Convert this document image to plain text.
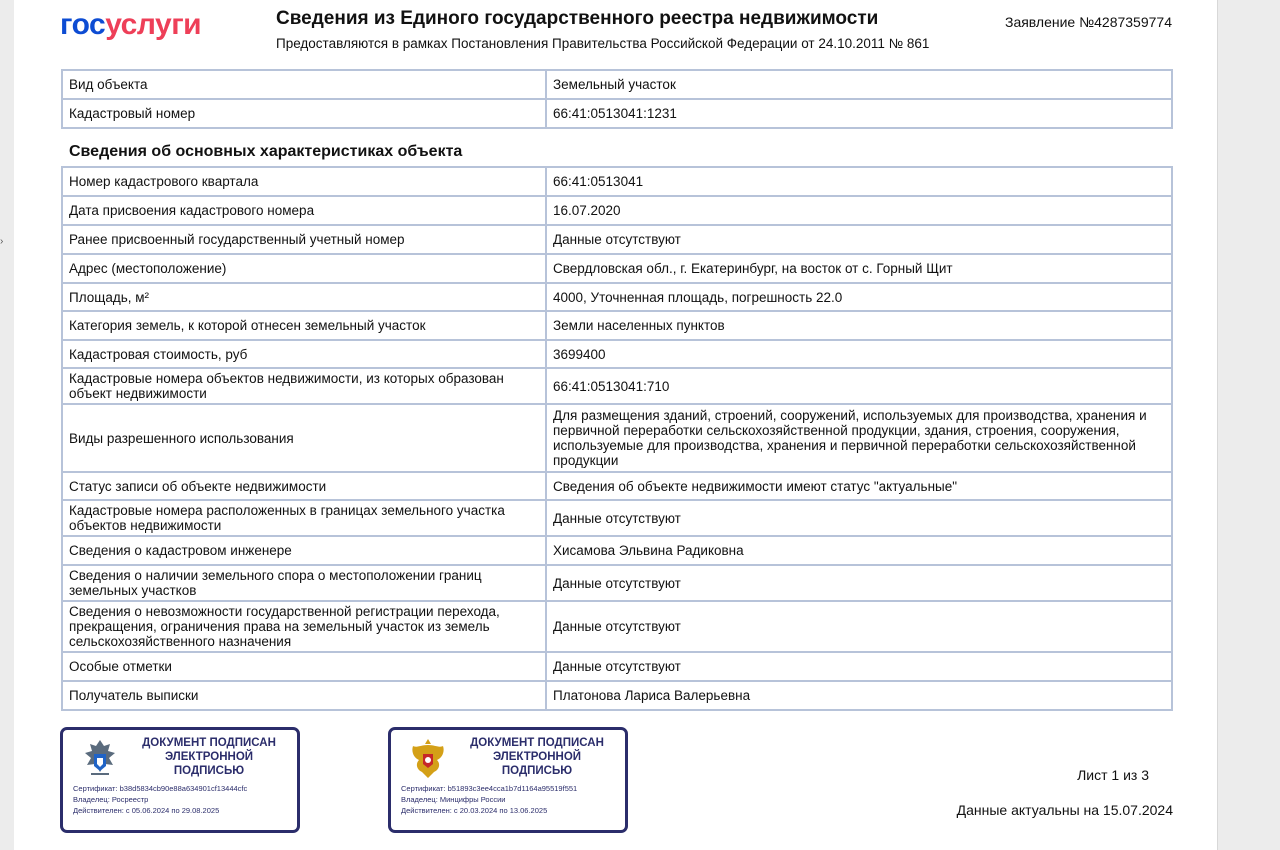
›
госуслуги	Сведения из Единого государственного реестра недвижимости
Предоставляются в рамках Постановления Правительства Российской Федерации от 24.10.2011 № 861
Заявление №4287359774
Вид объекта	Земельный участок
Кадастровый номер	66:41:0513041:1231
Сведения об основных характеристиках объекта
Номер кадастрового квартала	66:41:0513041
Дата присвоения кадастрового номера	16.07.2020
Ранее присвоенный государственный учетный номер	Данные отсутствуют
Адрес (местоположение)	Свердловская обл., г. Екатеринбург, на восток от с. Горный Щит
Площадь, м²	4000, Уточненная площадь, погрешность 22.0
Категория земель, к которой отнесен земельный участок	Земли населенных пунктов
Кадастровая стоимость, руб	3699400
Кадастровые номера объектов недвижимости, из которых образован объект недвижимости	66:41:0513041:710
Виды разрешенного использования	Для размещения зданий, строений, сооружений, используемых для производства, хранения и первичной переработки сельскохозяйственной продукции, здания, строения, сооружения, используемые для производства, хранения и первичной переработки сельскохозяйственной продукции
Статус записи об объекте недвижимости	Сведения об объекте недвижимости имеют статус "актуальные"
Кадастровые номера расположенных в границах земельного участка объектов недвижимости	Данные отсутствуют
Сведения о кадастровом инженере	Хисамова Эльвина Радиковна
Сведения о наличии земельного спора о местоположении границ земельных участков	Данные отсутствуют
Сведения о невозможности государственной регистрации перехода, прекращения, ограничения права на земельный участок из земель сельскохозяйственного назначения	Данные отсутствуют
Особые отметки	Данные отсутствуют
Получатель выписки	Платонова Лариса Валерьевна
ДОКУМЕНТ ПОДПИСАН ЭЛЕКТРОННОЙ ПОДПИСЬЮ
Сертификат: b38d5834cb90e88a634901cf13444cfc
Владелец: Росреестр
Действителен: с 05.06.2024 по 29.08.2025
ДОКУМЕНТ ПОДПИСАН ЭЛЕКТРОННОЙ ПОДПИСЬЮ
Сертификат: b51893c3ee4cca1b7d1164a95519f551
Владелец: Минцифры России
Действителен: с 20.03.2024 по 13.06.2025
Лист 1 из 3
Данные актуальны на 15.07.2024
